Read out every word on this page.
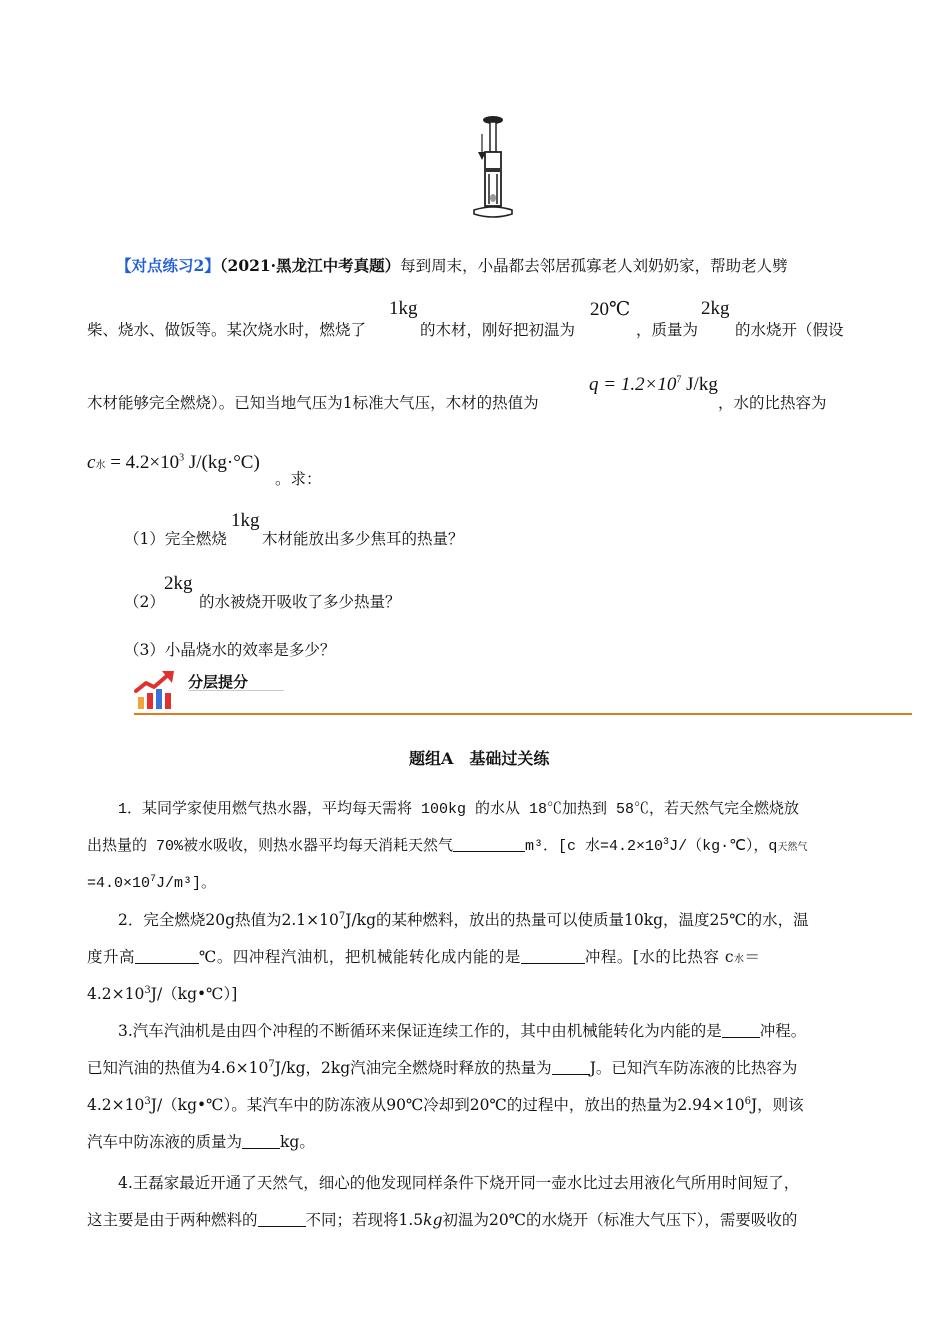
【对点练习2】（2021·黑龙江中考真题）每到周末，小晶都去邻居孤寡老人刘奶奶家，帮助老人劈
柴、烧水、做饭等。某次烧水时，燃烧了
1kg
的木材，刚好把初温为
20℃
，质量为
2kg
的水烧开（假设
木材能够完全燃烧）。已知当地气压为1标准大气压，木材的热值为
$q = 1.2\times 10^7$ J/kg
，水的比热容为
c水 = $4.2\times 10^3$ J/(kg·°C)
。求：
（1）完全燃烧
1kg
木材能放出多少焦耳的热量？
（2）
2kg
的水被烧开吸收了多少热量？
（3）小晶烧水的效率是多少？
分层提分
题组A　基础过关练
1．某同学家使用燃气热水器，平均每天需将 100kg 的水从 18℃加热到 58℃，若天然气完全燃烧放
出热量的 70%被水吸收，则热水器平均每天消耗天然气	m³．[c 水$=4.2\times 10^3J/(kg\cdot℃)$，q天然气
$=4.0\times 10^7J/m^3$]。
2．完全燃烧20g热值为$2.1\times 10^7J/kg$的某种燃料，放出的热量可以使质量10kg，温度25℃的水，温
度升高	℃。四冲程汽油机，把机械能转化成内能的是	冲程。[水的比热容 c水＝
$4.2\times 10^3J/(kg•℃)$]
3.汽车汽油机是由四个冲程的不断循环来保证连续工作的，其中由机械能转化为内能的是 冲程。
已知汽油的热值为$4.6\times 10^7J/kg$，2kg汽油完全燃烧时释放的热量为 J。已知汽车防冻液的比热容为
$4.2\times 10^3J/(kg•℃)$。某汽车中的防冻液从90℃冷却到20℃的过程中，放出的热量为$2.94\times 10^6J$，则该
汽车中防冻液的质量为 kg。
4.王磊家最近开通了天然气，细心的他发现同样条件下烧开同一壶水比过去用液化气所用时间短了，
这主要是由于两种燃料的	不同；若现将1.5kg初温为20℃的水烧开（标准大气压下），需要吸收的
